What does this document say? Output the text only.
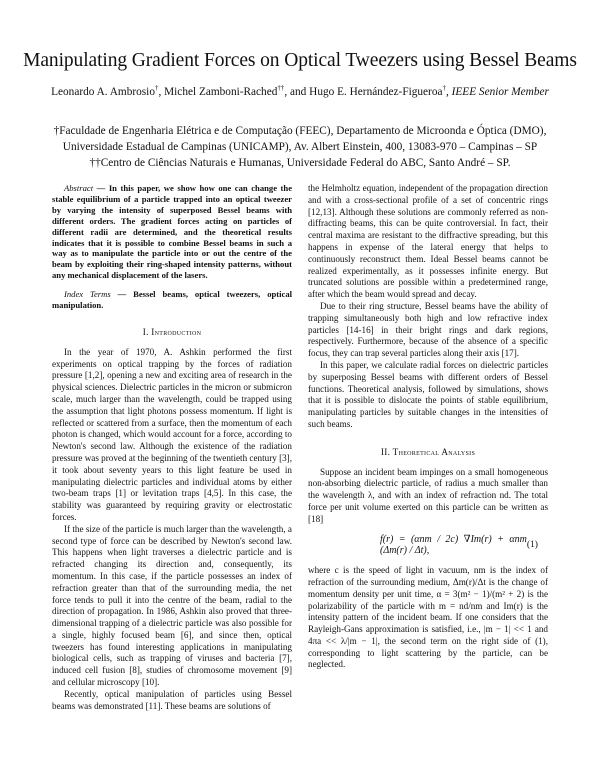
Manipulating Gradient Forces on Optical Tweezers using Bessel Beams
Leonardo A. Ambrosio†, Michel Zamboni-Rached††, and Hugo E. Hernández-Figueroa†, IEEE Senior Member
†Faculdade de Engenharia Elétrica e de Computação (FEEC), Departamento de Microonda e Óptica (DMO), Universidade Estadual de Campinas (UNICAMP), Av. Albert Einstein, 400, 13083-970 – Campinas – SP
††Centro de Ciências Naturais e Humanas, Universidade Federal do ABC, Santo André – SP.

Abstract — In this paper, we show how one can change the stable equilibrium of a particle trapped into an optical tweezer by varying the intensity of superposed Bessel beams with different orders. The gradient forces acting on particles of different radii are determined, and the theoretical results indicates that it is possible to combine Bessel beams in such a way as to manipulate the particle into or out the centre of the beam by exploiting their ring-shaped intensity patterns, without any mechanical displacement of the lasers.

Index Terms — Bessel beams, optical tweezers, optical manipulation.

I. Introduction

In the year of 1970, A. Ashkin performed the first experiments on optical trapping by the forces of radiation pressure [1,2], opening a new and exciting area of research in the physical sciences. Dielectric particles in the micron or submicron scale, much larger than the wavelength, could be trapped using the assumption that light photons possess momentum. If light is reflected or scattered from a surface, then the momentum of each photon is changed, which would account for a force, according to Newton's second law. Although the existence of the radiation pressure was proved at the beginning of the twentieth century [3], it took about seventy years to this light feature be used in manipulating dielectric particles and individual atoms by either two-beam traps [1] or levitation traps [4,5]. In this case, the stability was guaranteed by requiring gravity or electrostatic forces.

If the size of the particle is much larger than the wavelength, a second type of force can be described by Newton's second law. This happens when light traverses a dielectric particle and is refracted changing its direction and, consequently, its momentum. In this case, if the particle possesses an index of refraction greater than that of the surrounding media, the net force tends to pull it into the centre of the beam, radial to the direction of propagation. In 1986, Ashkin also proved that three-dimensional trapping of a dielectric particle was also possible for a single, highly focused beam [6], and since then, optical tweezers has found interesting applications in manipulating biological cells, such as trapping of viruses and bacteria [7], induced cell fusion [8], studies of chromosome movement [9] and cellular microscopy [10].

Recently, optical manipulation of particles using Bessel beams was demonstrated [11]. These beams are solutions of

the Helmholtz equation, independent of the propagation direction and with a cross-sectional profile of a set of concentric rings [12,13]. Although these solutions are commonly referred as non-diffracting beams, this can be quite controversial. In fact, their central maxima are resistant to the diffractive spreading, but this happens in expense of the lateral energy that helps to continuously reconstruct them. Ideal Bessel beams cannot be realized experimentally, as it possesses infinite energy. But truncated solutions are possible within a predetermined range, after which the beam would spread and decay.

Due to their ring structure, Bessel beams have the ability of trapping simultaneously both high and low refractive index particles [14-16] in their bright rings and dark regions, respectively. Furthermore, because of the absence of a specific focus, they can trap several particles along their axis [17].

In this paper, we calculate radial forces on dielectric particles by superposing Bessel beams with different orders of Bessel functions. Theoretical analysis, followed by simulations, shows that it is possible to dislocate the points of stable equilibrium, manipulating particles by suitable changes in the intensities of such beams.

II. Theoretical Analysis

Suppose an incident beam impinges on a small homogeneous non-absorbing dielectric particle, of radius a much smaller than the wavelength λ, and with an index of refraction nd. The total force per unit volume exerted on this particle can be written as [18]

f(r) = (αnm / 2c) ∇Im(r) + αnm (Δm(r) / Δt),
(1)

where c is the speed of light in vacuum, nm is the index of refraction of the surrounding medium, Δm(r)/Δt is the change of momentum density per unit time, α = 3(m² − 1)/(m² + 2) is the polarizability of the particle with m = nd/nm and Im(r) is the intensity pattern of the incident beam. If one considers that the Rayleigh-Gans approximation is satisfied, i.e., |m − 1| << 1 and 4πa << λ/|m − 1|, the second term on the right side of (1), corresponding to light scattering by the particle, can be neglected.
